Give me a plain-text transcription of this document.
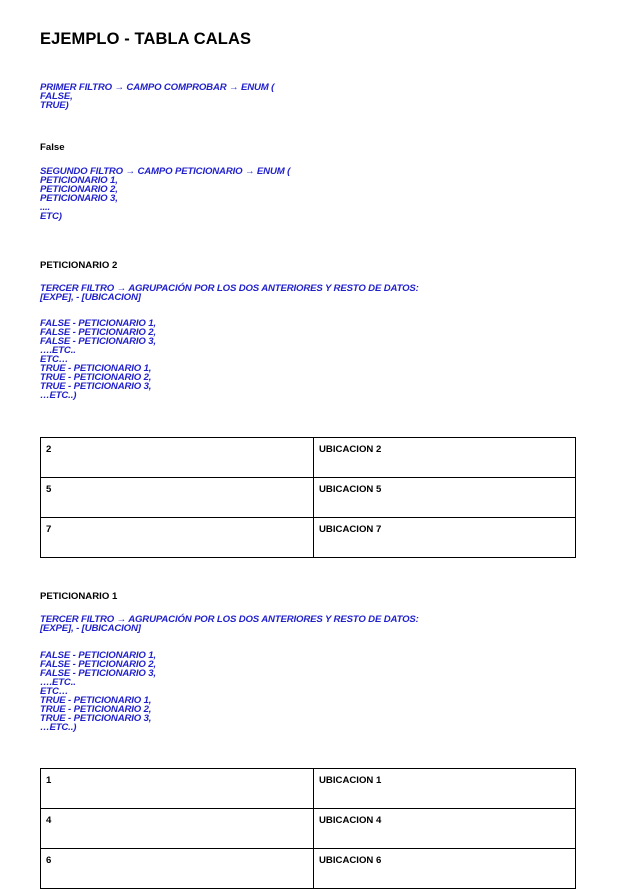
EJEMPLO - TABLA CALAS

PRIMER FILTRO → CAMPO COMPROBAR → ENUM (
FALSE,
TRUE)

False

SEGUNDO FILTRO → CAMPO PETICIONARIO → ENUM (
PETICIONARIO 1,
PETICIONARIO 2,
PETICIONARIO 3,
....
ETC)

PETICIONARIO 2

TERCER FILTRO → AGRUPACIÓN POR LOS DOS ANTERIORES Y RESTO DE DATOS:
[EXPE], - [UBICACION]

FALSE - PETICIONARIO 1,
FALSE - PETICIONARIO 2,
FALSE - PETICIONARIO 3,
….ETC..
ETC…
TRUE - PETICIONARIO 1,
TRUE - PETICIONARIO 2,
TRUE - PETICIONARIO 3,
…ETC..)

2	UBICACION 2
5	UBICACION 5
7	UBICACION 7

PETICIONARIO 1

TERCER FILTRO → AGRUPACIÓN POR LOS DOS ANTERIORES Y RESTO DE DATOS:
[EXPE], - [UBICACION]

FALSE - PETICIONARIO 1,
FALSE - PETICIONARIO 2,
FALSE - PETICIONARIO 3,
….ETC..
ETC…
TRUE - PETICIONARIO 1,
TRUE - PETICIONARIO 2,
TRUE - PETICIONARIO 3,
…ETC..)

1	UBICACION 1
4	UBICACION 4
6	UBICACION 6
